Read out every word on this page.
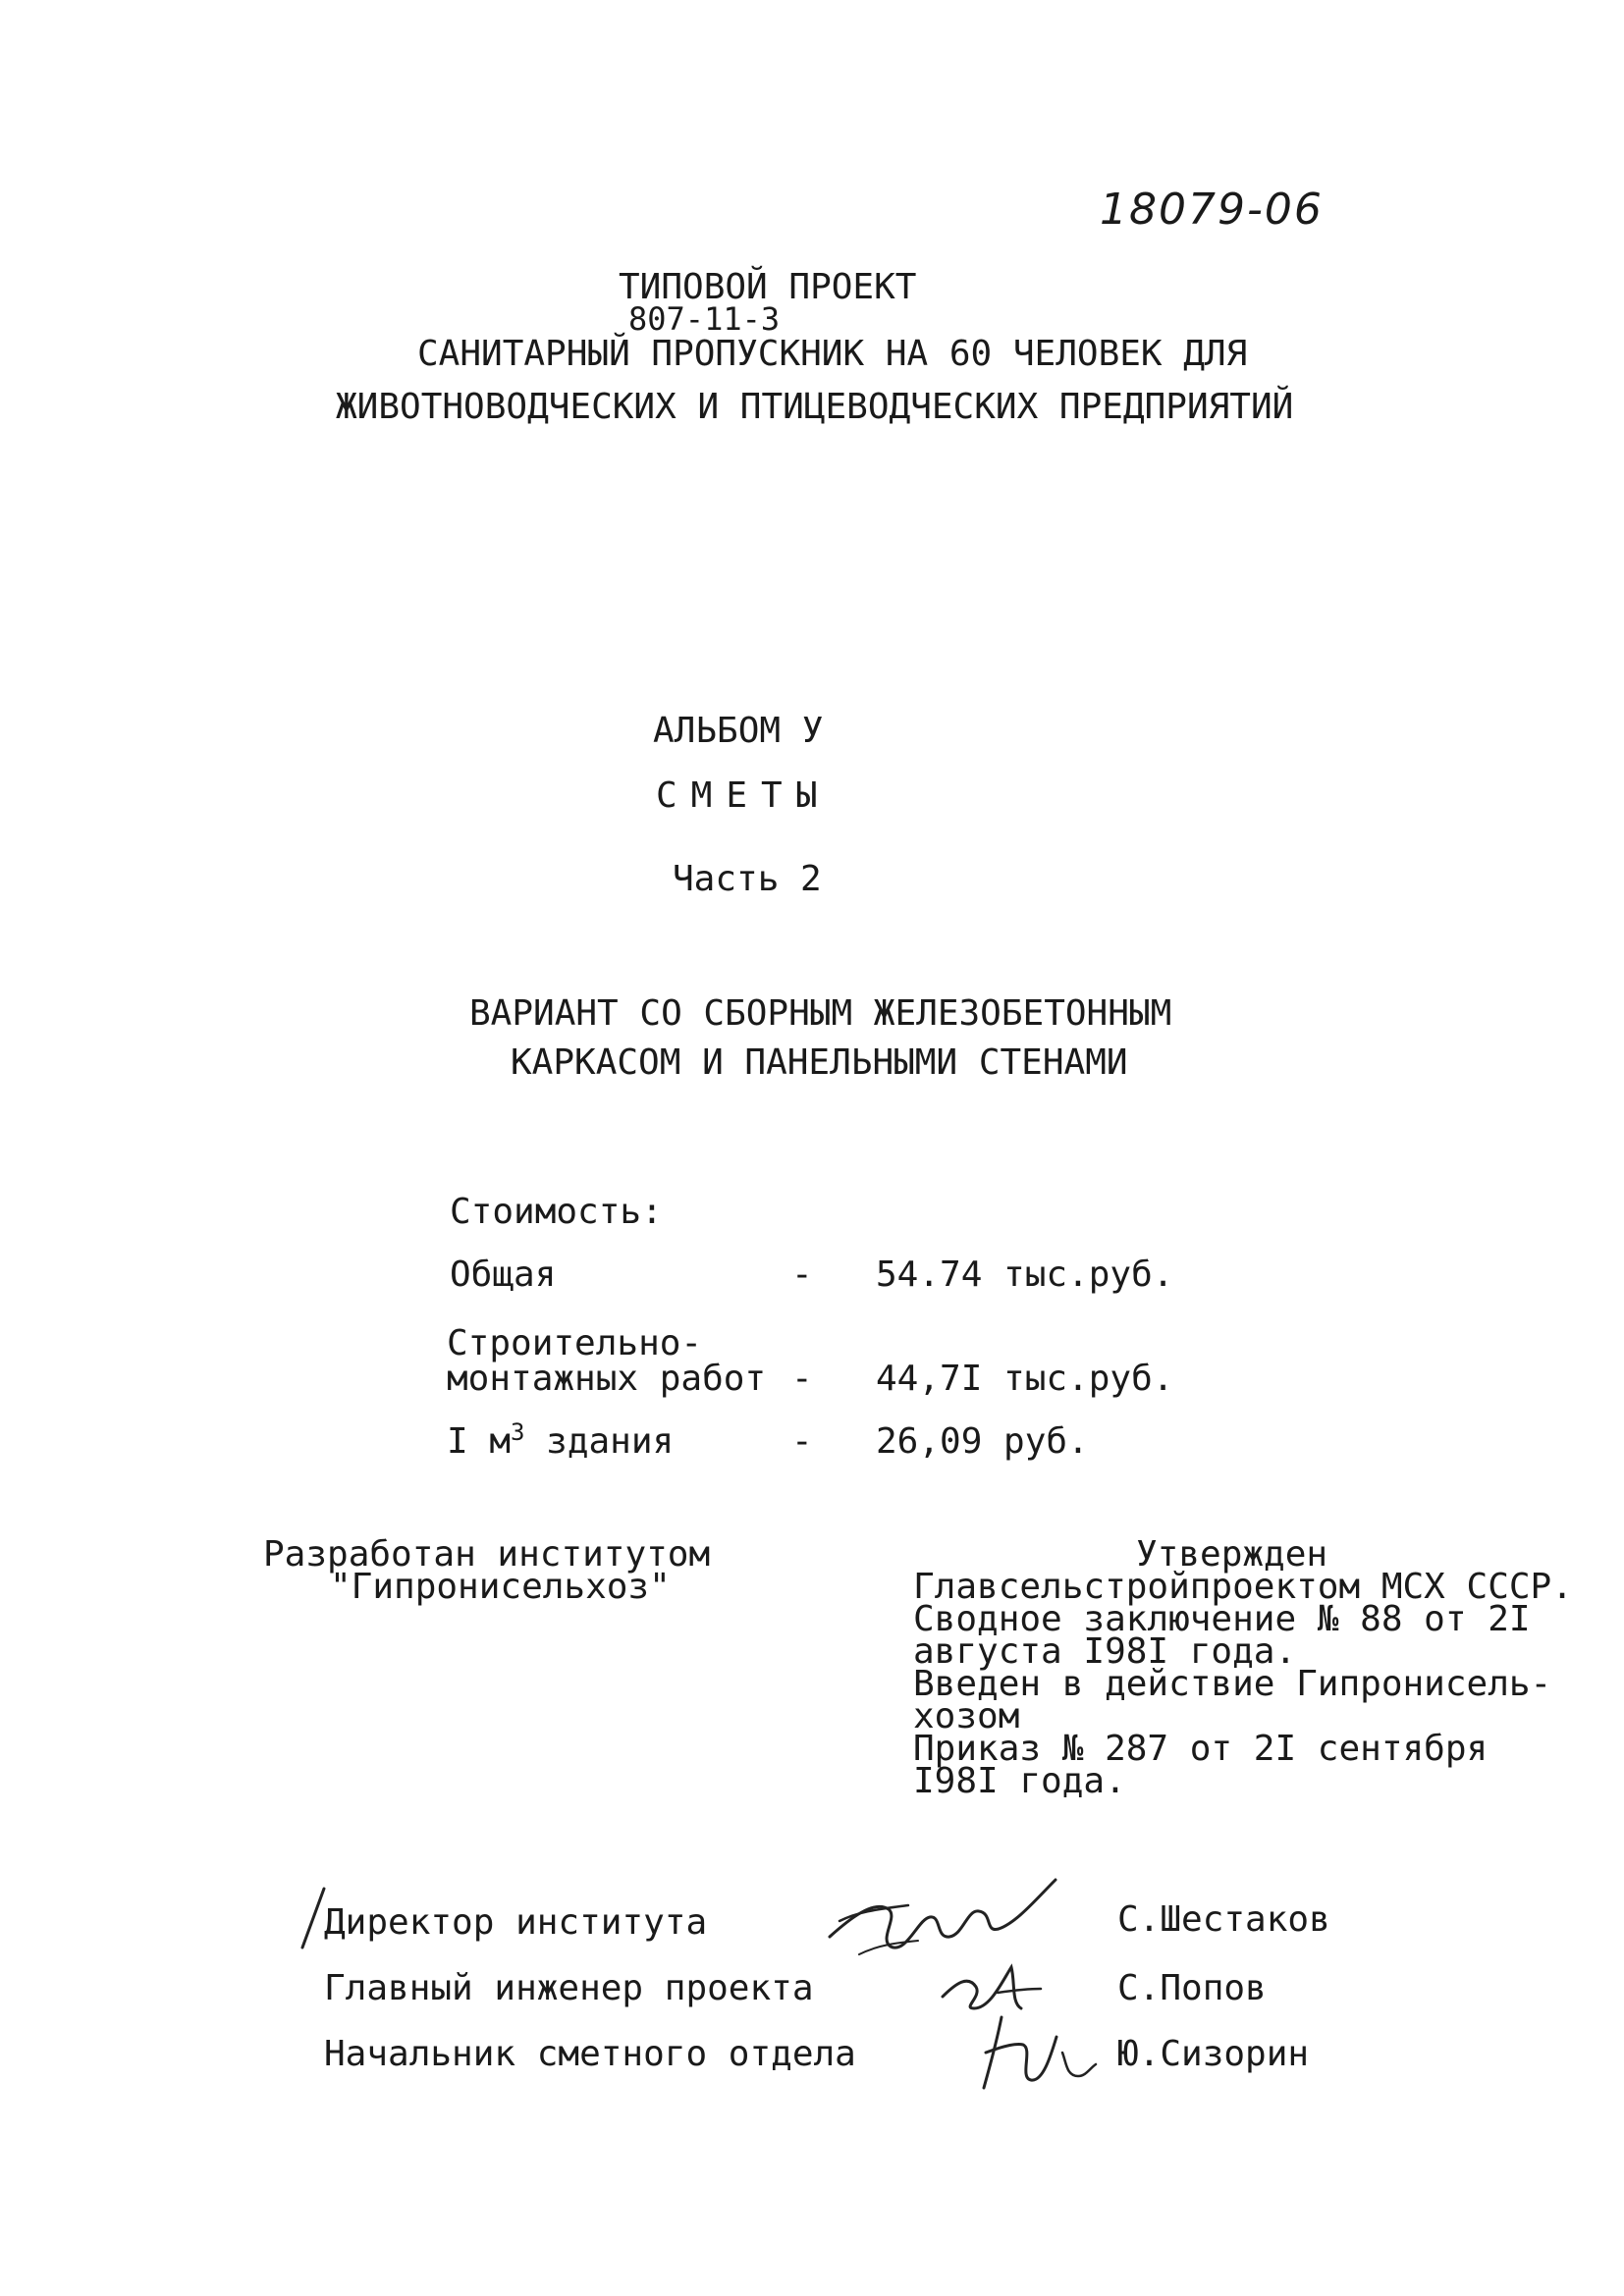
18079-06
ТИПОВОЙ ПРОЕКТ
807-11-3
САНИТАРНЫЙ ПРОПУСКНИК НА 60 ЧЕЛОВЕК ДЛЯ
ЖИВОТНОВОДЧЕСКИХ И ПТИЦЕВОДЧЕСКИХ ПРЕДПРИЯТИЙ
АЛЬБОМ У
СМЕТЫ
Часть 2
ВАРИАНТ СО СБОРНЫМ ЖЕЛЕЗОБЕТОННЫМ
КАРКАСОМ И ПАНЕЛЬНЫМИ СТЕНАМИ
Стоимость:
Общая	- 54.74 тыс.руб.
Строительно-
монтажных работ - 44,7I тыс.руб.
I $м^3$ здания	- 26,09 руб.
Разработан институтом
"Гипронисельхоз"
Утвержден
Главсельстройпроектом МСХ СССР.
Сводное заключение № 88 от 2I
августа I98I года.
Введен в действие Гипронисель-
хозом
Приказ № 287 от 2I сентября
I98I года.
Директор института
Главный инженер проекта
Начальник сметного отдела
С.Шестаков
С.Попов
Ю.Сизорин
